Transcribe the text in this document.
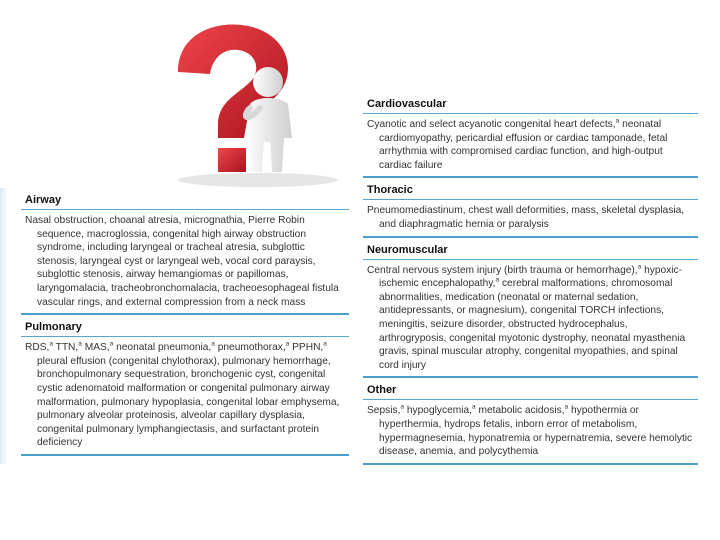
Airway
Nasal obstruction, choanal atresia, micrognathia, Pierre Robin sequence, macroglossia, congenital high airway obstruction syndrome, including laryngeal or tracheal atresia, subglottic stenosis, laryngeal cyst or laryngeal web, vocal cord paraysis, subglottic stenosis, airway hemangiomas or papillomas, laryngomalacia, tracheobronchomalacia, tracheoesophageal fistula vascular rings, and external compression from a neck mass
Pulmonary
RDS,$^a$ TTN,$^a$ MAS,$^a$ neonatal pneumonia,$^a$ pneumothorax,$^a$ PPHN,$^a$ pleural effusion (congenital chylothorax), pulmonary hemorrhage, bronchopulmonary sequestration, bronchogenic cyst, congenital cystic adenomatoid malformation or congenital pulmonary airway malformation, pulmonary hypoplasia, congenital lobar emphysema, pulmonary alveolar proteinosis, alveolar capillary dysplasia, congenital pulmonary lymphangiectasis, and surfactant protein deficiency
Cardiovascular
Cyanotic and select acyanotic congenital heart defects,$^a$ neonatal cardiomyopathy, pericardial effusion or cardiac tamponade, fetal arrhythmia with compromised cardiac function, and high-output cardiac failure
Thoracic
Pneumomediastinum, chest wall deformities, mass, skeletal dysplasia, and diaphragmatic hernia or paralysis
Neuromuscular
Central nervous system injury (birth trauma or hemorrhage),$^a$ hypoxic-ischemic encephalopathy,$^a$ cerebral malformations, chromosomal abnormalities, medication (neonatal or maternal sedation, antidepressants, or magnesium), congenital TORCH infections, meningitis, seizure disorder, obstructed hydrocephalus, arthrogryposis, congenital myotonic dystrophy, neonatal myasthenia gravis, spinal muscular atrophy, congenital myopathies, and spinal cord injury
Other
Sepsis,$^a$ hypoglycemia,$^a$ metabolic acidosis,$^a$ hypothermia or hyperthermia, hydrops fetalis, inborn error of metabolism, hypermagnesemia, hyponatremia or hypernatremia, severe hemolytic disease, anemia, and polycythemia
